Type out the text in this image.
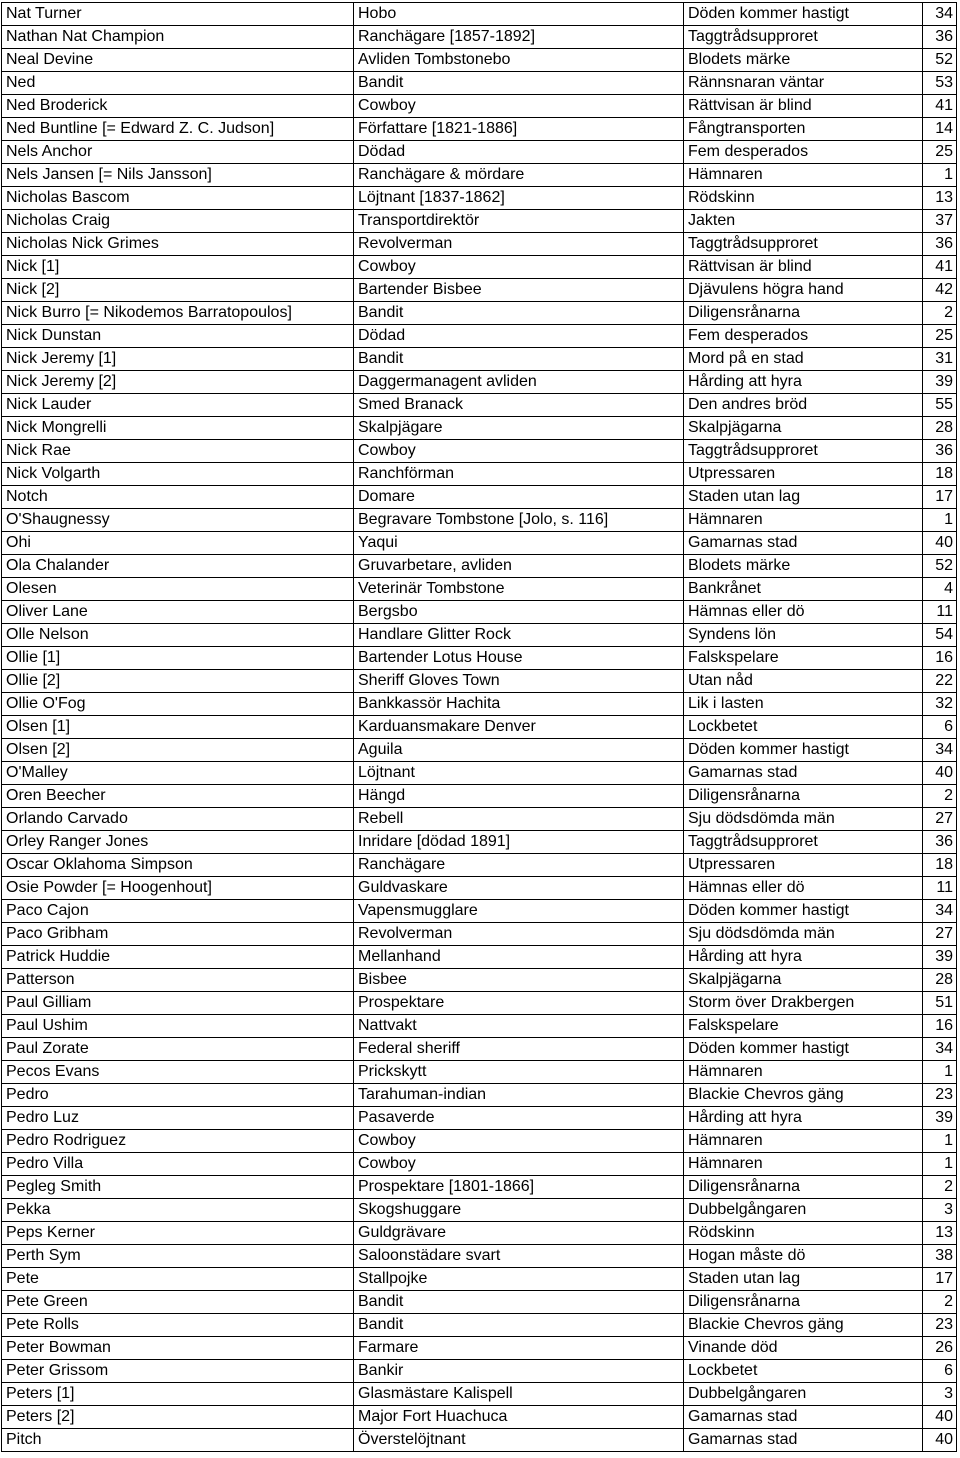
Nat Turner	Hobo	Döden kommer hastigt	34
Nathan Nat Champion	Ranchägare [1857-1892]	Taggtrådsupproret	36
Neal Devine	Avliden Tombstonebo	Blodets märke	52
Ned	Bandit	Rännsnaran väntar	53
Ned Broderick	Cowboy	Rättvisan är blind	41
Ned Buntline [= Edward Z. C. Judson]	Författare [1821-1886]	Fångtransporten	14
Nels Anchor	Dödad	Fem desperados	25
Nels Jansen [= Nils Jansson]	Ranchägare & mördare	Hämnaren	1
Nicholas Bascom	Löjtnant [1837-1862]	Rödskinn	13
Nicholas Craig	Transportdirektör	Jakten	37
Nicholas Nick Grimes	Revolverman	Taggtrådsupproret	36
Nick [1]	Cowboy	Rättvisan är blind	41
Nick [2]	Bartender Bisbee	Djävulens högra hand	42
Nick Burro [= Nikodemos Barratopoulos]	Bandit	Diligensrånarna	2
Nick Dunstan	Dödad	Fem desperados	25
Nick Jeremy [1]	Bandit	Mord på en stad	31
Nick Jeremy [2]	Daggermanagent avliden	Hårding att hyra	39
Nick Lauder	Smed Branack	Den andres bröd	55
Nick Mongrelli	Skalpjägare	Skalpjägarna	28
Nick Rae	Cowboy	Taggtrådsupproret	36
Nick Volgarth	Ranchförman	Utpressaren	18
Notch	Domare	Staden utan lag	17
O'Shaugnessy	Begravare Tombstone [Jolo, s. 116]	Hämnaren	1
Ohi	Yaqui	Gamarnas stad	40
Ola Chalander	Gruvarbetare, avliden	Blodets märke	52
Olesen	Veterinär Tombstone	Bankrånet	4
Oliver Lane	Bergsbo	Hämnas eller dö	11
Olle Nelson	Handlare Glitter Rock	Syndens lön	54
Ollie [1]	Bartender Lotus House	Falskspelare	16
Ollie [2]	Sheriff Gloves Town	Utan nåd	22
Ollie O'Fog	Bankkassör Hachita	Lik i lasten	32
Olsen [1]	Karduansmakare Denver	Lockbetet	6
Olsen [2]	Aguila	Döden kommer hastigt	34
O'Malley	Löjtnant	Gamarnas stad	40
Oren Beecher	Hängd	Diligensrånarna	2
Orlando Carvado	Rebell	Sju dödsdömda män	27
Orley Ranger Jones	Inridare [dödad 1891]	Taggtrådsupproret	36
Oscar Oklahoma Simpson	Ranchägare	Utpressaren	18
Osie Powder [= Hoogenhout]	Guldvaskare	Hämnas eller dö	11
Paco Cajon	Vapensmugglare	Döden kommer hastigt	34
Paco Gribham	Revolverman	Sju dödsdömda män	27
Patrick Huddie	Mellanhand	Hårding att hyra	39
Patterson	Bisbee	Skalpjägarna	28
Paul Gilliam	Prospektare	Storm över Drakbergen	51
Paul Ushim	Nattvakt	Falskspelare	16
Paul Zorate	Federal sheriff	Döden kommer hastigt	34
Pecos Evans	Prickskytt	Hämnaren	1
Pedro	Tarahuman-indian	Blackie Chevros gäng	23
Pedro Luz	Pasaverde	Hårding att hyra	39
Pedro Rodriguez	Cowboy	Hämnaren	1
Pedro Villa	Cowboy	Hämnaren	1
Pegleg Smith	Prospektare [1801-1866]	Diligensrånarna	2
Pekka	Skogshuggare	Dubbelgångaren	3
Peps Kerner	Guldgrävare	Rödskinn	13
Perth Sym	Saloonstädare svart	Hogan måste dö	38
Pete	Stallpojke	Staden utan lag	17
Pete Green	Bandit	Diligensrånarna	2
Pete Rolls	Bandit	Blackie Chevros gäng	23
Peter Bowman	Farmare	Vinande död	26
Peter Grissom	Bankir	Lockbetet	6
Peters [1]	Glasmästare Kalispell	Dubbelgångaren	3
Peters [2]	Major Fort Huachuca	Gamarnas stad	40
Pitch	Överstelöjtnant	Gamarnas stad	40
